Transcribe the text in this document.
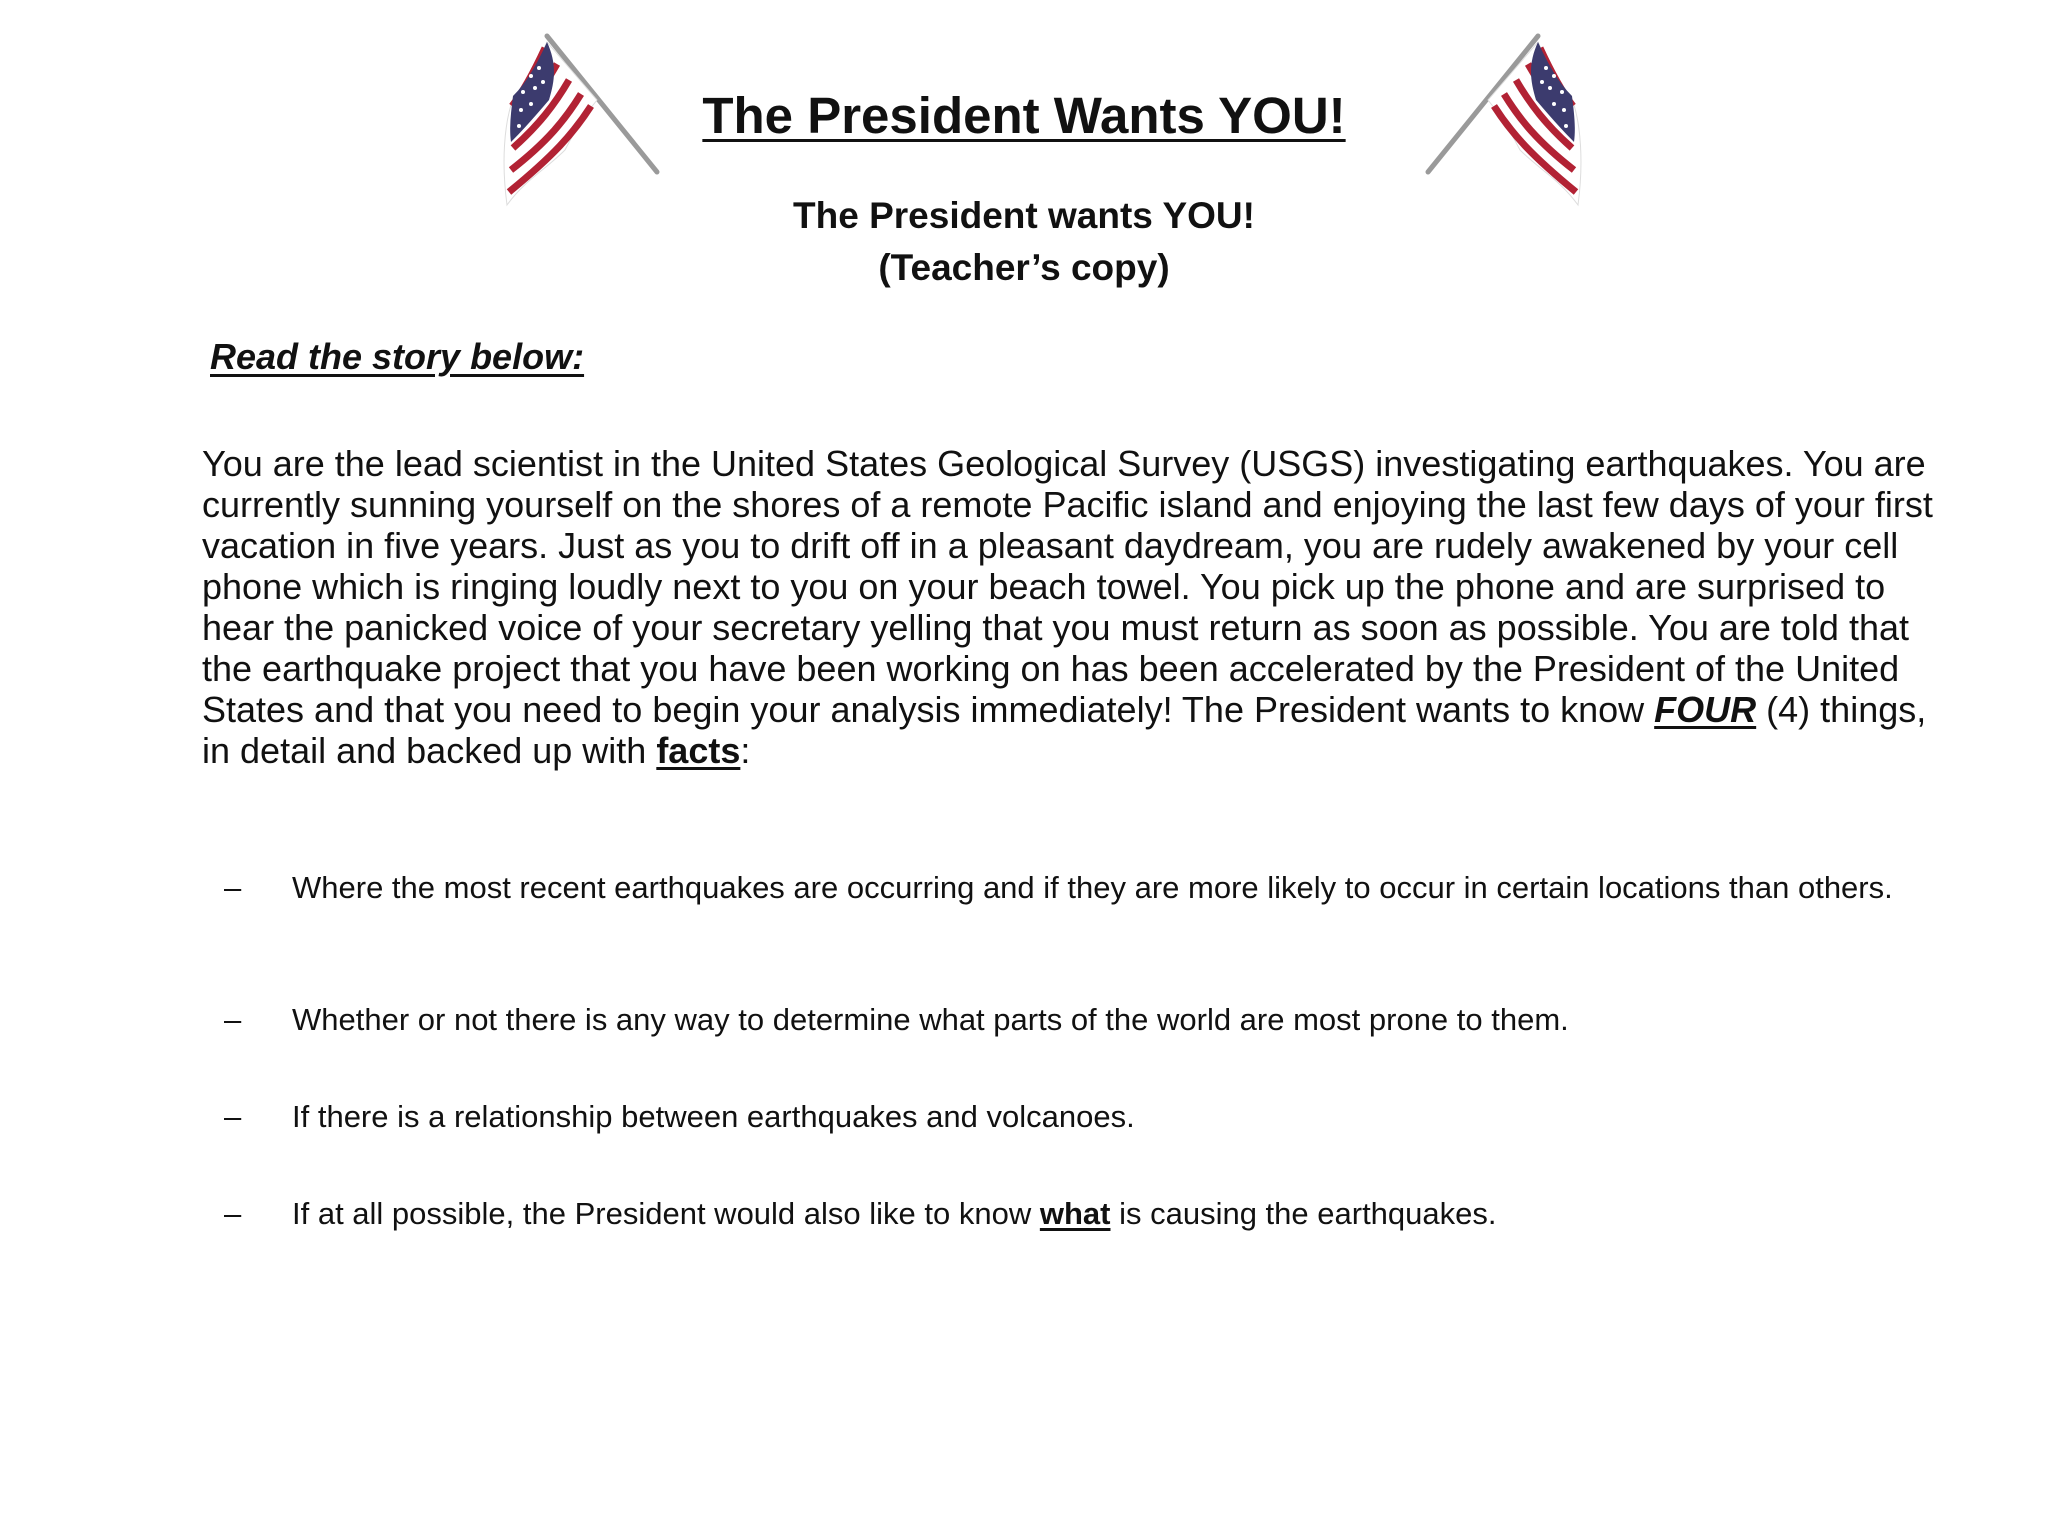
The President Wants YOU!
The President wants YOU!
(Teacher’s copy)

Read the story below:

You are the lead scientist in the United States Geological Survey (USGS) investigating earthquakes. You are currently sunning yourself on the shores of a remote Pacific island and enjoying the last few days of your first vacation in five years. Just as you to drift off in a pleasant daydream, you are rudely awakened by your cell phone which is ringing loudly next to you on your beach towel. You pick up the phone and are surprised to hear the panicked voice of your secretary yelling that you must return as soon as possible. You are told that the earthquake project that you have been working on has been accelerated by the President of the United States and that you need to begin your analysis immediately! The President wants to know FOUR (4) things, in detail and backed up with facts:

– Where the most recent earthquakes are occurring and if they are more likely to occur in certain locations than others.
– Whether or not there is any way to determine what parts of the world are most prone to them.
– If there is a relationship between earthquakes and volcanoes.
– If at all possible, the President would also like to know what is causing the earthquakes.
